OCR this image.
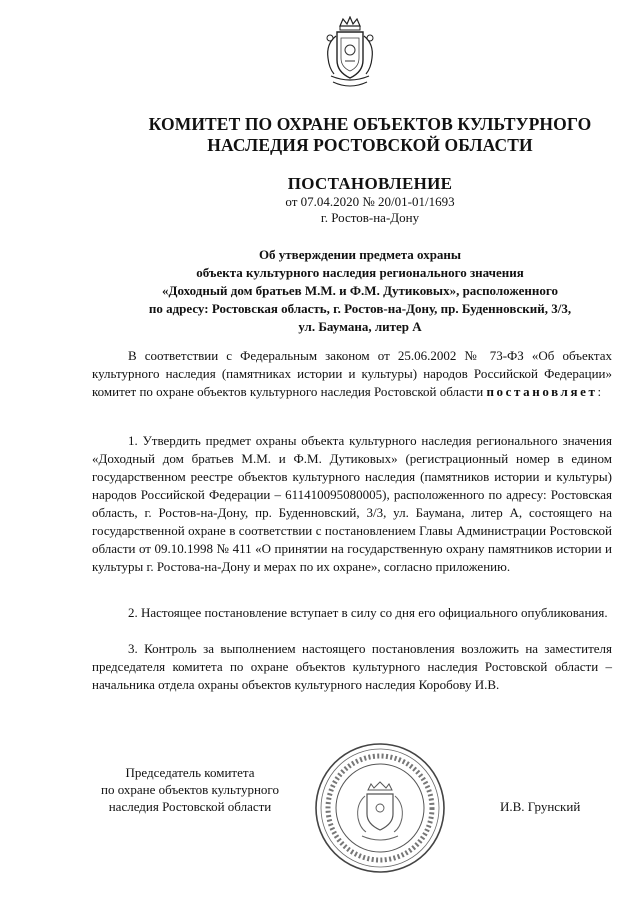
КОМИТЕТ ПО ОХРАНЕ ОБЪЕКТОВ КУЛЬТУРНОГО
НАСЛЕДИЯ РОСТОВСКОЙ ОБЛАСТИ
ПОСТАНОВЛЕНИЕ
от 07.04.2020 № 20/01-01/1693
г. Ростов-на-Дону
Об утверждении предмета охраны
объекта культурного наследия регионального значения
«Доходный дом братьев М.М. и Ф.М. Дутиковых», расположенного
по адресу: Ростовская область, г. Ростов-на-Дону, пр. Буденновский, 3/3,
ул. Баумана, литер А

В соответствии с Федеральным законом от 25.06.2002 № 73-ФЗ «Об объектах культурного наследия (памятниках истории и культуры) народов Российской Федерации» комитет по охране объектов культурного наследия Ростовской области постановляет:

1. Утвердить предмет охраны объекта культурного наследия регионального значения «Доходный дом братьев М.М. и Ф.М. Дутиковых» (регистрационный номер в едином государственном реестре объектов культурного наследия (памятников истории и культуры) народов Российской Федерации – 611410095080005), расположенного по адресу: Ростовская область, г. Ростов-на-Дону, пр. Буденновский, 3/3, ул. Баумана, литер А, состоящего на государственной охране в соответствии с постановлением Главы Администрации Ростовской области от 09.10.1998 № 411 «О принятии на государственную охрану памятников истории и культуры г. Ростова-на-Дону и мерах по их охране», согласно приложению.

2. Настоящее постановление вступает в силу со дня его официального опубликования.

3. Контроль за выполнением настоящего постановления возложить на заместителя председателя комитета по охране объектов культурного наследия Ростовской области – начальника отдела охраны объектов культурного наследия Коробову И.В.

Председатель комитета
по охране объектов культурного
наследия Ростовской области	И.В. Грунский
